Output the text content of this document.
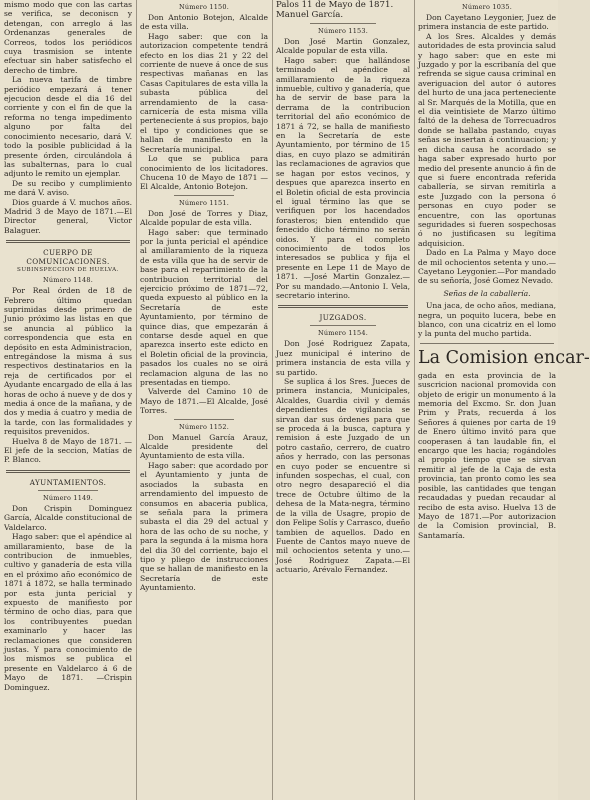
mismo modo que con las cartas se verifica, se deconiscn y detengan, con arreglo á las Ordenanzas generales de Correos, todos los periódicos cuya trasmision se intente efectuar sin haber satisfecho el derecho de timbre.

La nueva tarifa de timbre periódico empezará á tener ejecucion desde el dia 16 del corriente y con el fin de que la reforma no tenga impedimento alguno por falta del conocimiento necesario, dará V. todo la posible publicidad á la presente órden, circulándola á las subalternas, para lo cual adjunto le remito un ejemplar.

De su recibo y cumplimiento me dará V. aviso.

Dios guarde á V. muchos años. Madrid 3 de Mayo de 1871.—El Director general, Victor Balaguer.

CUERPO DE COMUNICACIONES.
SUBINSPECCION DE HUELVA.
Número 1148.

Por Real órden de 18 de Febrero último quedan suprimidas desde primero de Junio próximo las listas en que se anuncia al público la correspondencia que esta en depósito en esta Administracion, entregándose la misma á sus respectivos destinatarios en la reja de certificados por el Ayudante encargado de ella á las horas de ocho á nueve y de dos y media á once de la mañana, y de dos y media á cuatro y media de la tarde, con las formalidades y requisitos prevenidos.

Huelva 8 de Mayo de 1871. —El jefe de la seccion, Matías de P. Blanco.

AYUNTAMIENTOS.
Número 1149.

Don Crispin Dominguez García, Alcalde constitucional de Valdelarco.

Hago saber: que el apéndice al amillaramiento, base de la contribucion de inmuebles, cultivo y ganadería de esta villa en el próximo año económico de 1871 á 1872, se halla terminado por esta junta pericial y expuesto de manifiesto por término de ocho dias, para que los contribuyentes puedan examinarlo y hacer las reclamaciones que consideren justas. Y para conocimiento de los mismos se publica el presente en Valdelarco á 6 de Mayo de 1871. —Crispin Dominguez.

Número 1150.

Don Antonio Botejon, Alcalde de esta villa.

Hago saber: que con la autorizacion competente tendrá efecto en los dias 21 y 22 del corriente de nueve á once de sus respectivas mañanas en las Casas Capitulares de esta villa la subasta pública del arrendamiento de la casa-carnicería de esta misma villa perteneciente á sus propios, bajo el tipo y condiciones que se hallan de manifiesto en la Secretaría municipal.

Lo que se publica para conocimiento de los licitadores. Chucena 10 de Mayo de 1871 —El Alcalde, Antonio Botejon.

Número 1151.

Don José de Torres y Diaz, Alcalde popular de esta villa.

Hago saber: que terminado por la junta pericial el apéndice al amillaramiento de la riqueza de esta villa que ha de servir de base para el repartimiento de la contribucion territorial del ejercicio próximo de 1871—72, queda expuesto al público en la Secretaría de este Ayuntamiento, por término de quince dias, que empezarán á contarse desde aquel en que aparezca inserto este edicto en el Boletin oficial de la provincia, pasados los cuales no se oirá reclamacion alguna de las no presentadas en tiempo.

Valverde del Camino 10 de Mayo de 1871.—El Alcalde, José Torres.

Número 1152.

Don Manuel García Arauz, Alcalde presidente del Ayuntamiento de esta villa.

Hago saber: que acordado por el Ayuntamiento y junta de asociados la subasta en arrendamiento del impuesto de consumos en abaceria publica, se señala para la primera subasta el dia 29 del actual y hora de las ocho de su noche, y para la segunda á la misma hora del dia 30 del corriente, bajo el tipo y pliego de instrucciones que se hallan de manifiesto en la Secretaría de este Ayuntamiento.

Palos 11 de Mayo de 1871. Manuel García.

Número 1153.

Don José Martin Gonzalez, Alcalde popular de esta villa.

Hago saber: que hallándose terminado el apéndice al amillaramiento de la riqueza inmueble, cultivo y ganadería, que ha de servir de base para la derrama de la contribucion territorial del año económico de 1871 á 72, se halla de manifiesto en la Secretaría de este Ayuntamiento, por término de 15 dias, en cuyo plazo se admitirán las reclamaciones de agravios que se hagan por estos vecinos, y despues que aparezca inserto en el Boletin oficial de esta provincia el igual término las que se verifiquen por los hacendados forasteros; bien entendido que fenecido dicho término no serán oidos. Y para el completo conocimiento de todos los interesados se publica y fija el presente en Lepe 11 de Mayo de 1871. —José Martin Gonzalez.—Por su mandado.—Antonio I. Vela, secretario interino.

JUZGADOS.
Número 1154.

Don José Rodriguez Zapata, Juez municipal é interino de primera instancia de esta villa y su partido.

Se suplica á los Sres. Jueces de primera instancia, Municipales, Alcaldes, Guardia civil y demás dependientes de vigilancia se sirvan dar sus órdenes para que se proceda á la busca, captura y remision á este Juzgado de un potro castaño, cerrero, de cuatro años y herrado, con las personas en cuyo poder se encuentre si infunden sospechas, el cual, con otro negro desapareció el dia trece de Octubre último de la dehesa de la Mata-negra, término de la villa de Usagre, propio de don Felipe Solís y Carrasco, dueño tambien de aquellos. Dado en Fuente de Cantos mayo nueve de mil ochocientos setenta y uno.—José Rodriguez Zapata.—El actuario, Arévalo Fernandez.

Número 1035.

Don Cayetano Leygonier, Juez de primera instancia de este partido.

A los Sres. Alcaldes y demás autoridades de esta provincia salud y hago saber: que en este mi Juzgado y por la escribanía del que refrenda se sigue causa criminal en averiguacion del autor ó autores del hurto de una jaca perteneciente al Sr. Marqués de la Motilla, que en el dia veintisiete de Marzo último faltó de la dehesa de Torrecuadros donde se hallaba pastando, cuyas señas se insertan á continuacion; y en dicha causa he acordado se haga saber expresado hurto por medio del presente anuncio á fin de que si fuere encontrada referida caballería, se sirvan remitirla a este Juzgado con la persona ó personas en cuyo poder se encuentre, con las oportunas seguridades si fueren sospechosas ó no justificasen su legítima adquisicion.

Dado en La Palma y Mayo doce de mil ochocientos setenta y uno.—Cayetano Leygonier.—Por mandado de su señoría, José Gomez Nevado.

Señas de la caballería.

Una jaca, de ocho años, mediana, negra, un poquito lucera, bebe en blanco, con una cicatriz en el lomo y la punta del mucho partida.

La Comision encar-

gada en esta provincia de la suscricion nacional promovida con objeto de erigir un monumento á la memoria del Excmo. Sr. don Juan Prim y Prats, recuerda á los Señores á quienes por carta de 19 de Enero último invitó para que cooperasen á tan laudable fin, el encargo que les hacia; rogándoles al propio tiempo que se sirvan remitir al jefe de la Caja de esta provincia, tan pronto como les sea posible, las cantidades que tengan recaudadas y puedan recaudar al recibo de esta aviso. Huelva 13 de Mayo de 1871.—Por autorizacion de la Comision provincial, B. Santamaría.
